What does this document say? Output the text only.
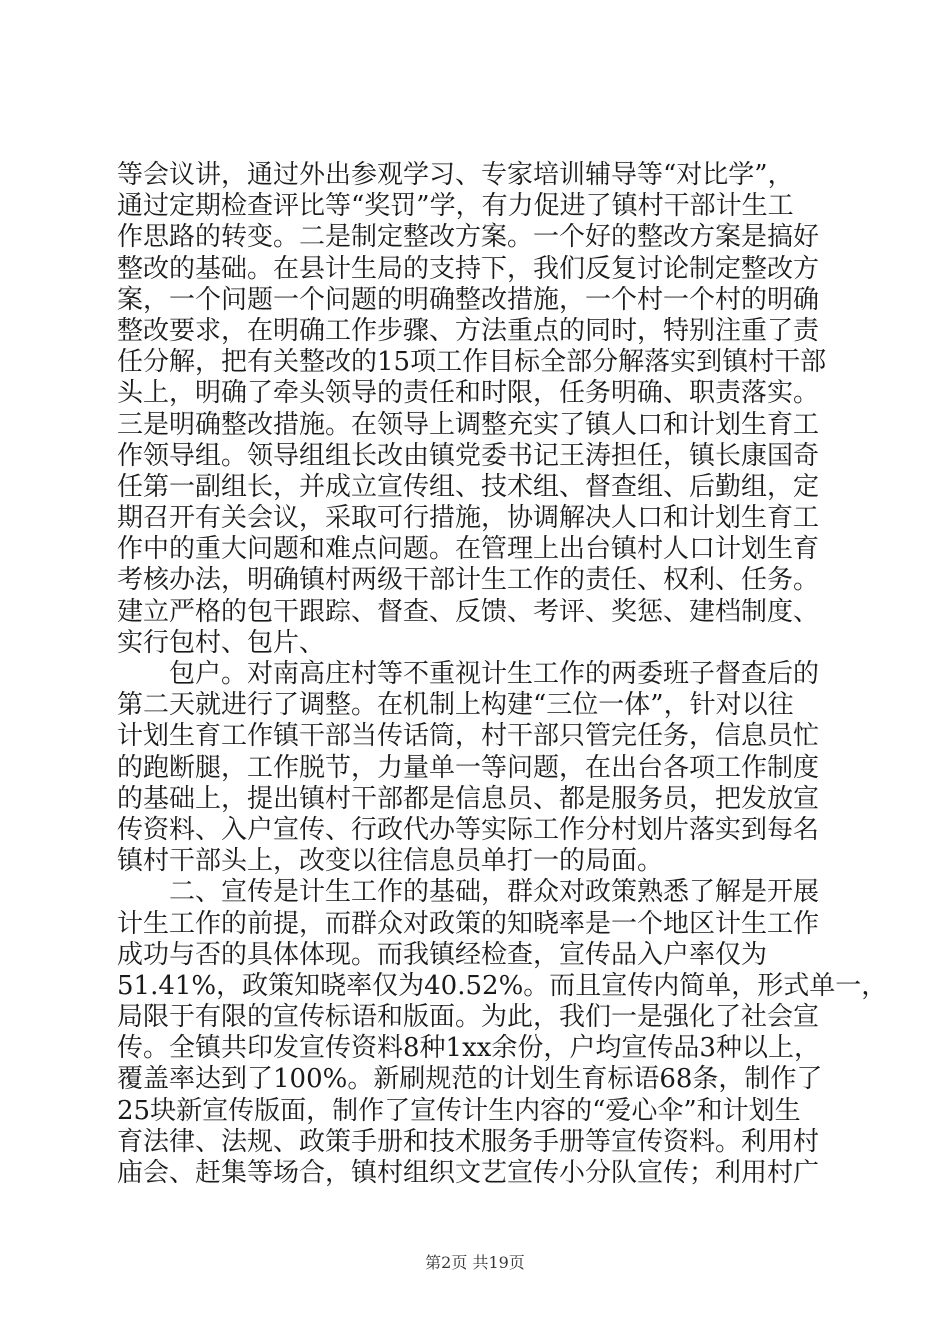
等会议讲，通过外出参观学习、专家培训辅导等“对比学”，
通过定期检查评比等“奖罚”学，有力促进了镇村干部计生工
作思路的转变。二是制定整改方案。一个好的整改方案是搞好
整改的基础。在县计生局的支持下，我们反复讨论制定整改方
案，一个问题一个问题的明确整改措施，一个村一个村的明确
整改要求，在明确工作步骤、方法重点的同时，特别注重了责
任分解，把有关整改的15项工作目标全部分解落实到镇村干部
头上，明确了牵头领导的责任和时限，任务明确、职责落实。
三是明确整改措施。在领导上调整充实了镇人口和计划生育工
作领导组。领导组组长改由镇党委书记王涛担任，镇长康国奇
任第一副组长，并成立宣传组、技术组、督查组、后勤组，定
期召开有关会议，采取可行措施，协调解决人口和计划生育工
作中的重大问题和难点问题。在管理上出台镇村人口计划生育
考核办法，明确镇村两级干部计生工作的责任、权利、任务。
建立严格的包干跟踪、督查、反馈、考评、奖惩、建档制度、
实行包村、包片、
包户。对南高庄村等不重视计生工作的两委班子督查后的
第二天就进行了调整。在机制上构建“三位一体”，针对以往
计划生育工作镇干部当传话筒，村干部只管完任务，信息员忙
的跑断腿，工作脱节，力量单一等问题，在出台各项工作制度
的基础上，提出镇村干部都是信息员、都是服务员，把发放宣
传资料、入户宣传、行政代办等实际工作分村划片落实到每名
镇村干部头上，改变以往信息员单打一的局面。
二、宣传是计生工作的基础，群众对政策熟悉了解是开展
计生工作的前提，而群众对政策的知晓率是一个地区计生工作
成功与否的具体体现。而我镇经检查，宣传品入户率仅为
51.41%，政策知晓率仅为40.52%。而且宣传内简单，形式单一，
局限于有限的宣传标语和版面。为此，我们一是强化了社会宣
传。全镇共印发宣传资料8种1xx余份，户均宣传品3种以上，
覆盖率达到了100%。新刷规范的计划生育标语68条，制作了
25块新宣传版面，制作了宣传计生内容的“爱心伞”和计划生
育法律、法规、政策手册和技术服务手册等宣传资料。利用村
庙会、赶集等场合，镇村组织文艺宣传小分队宣传；利用村广
第2页 共19页
